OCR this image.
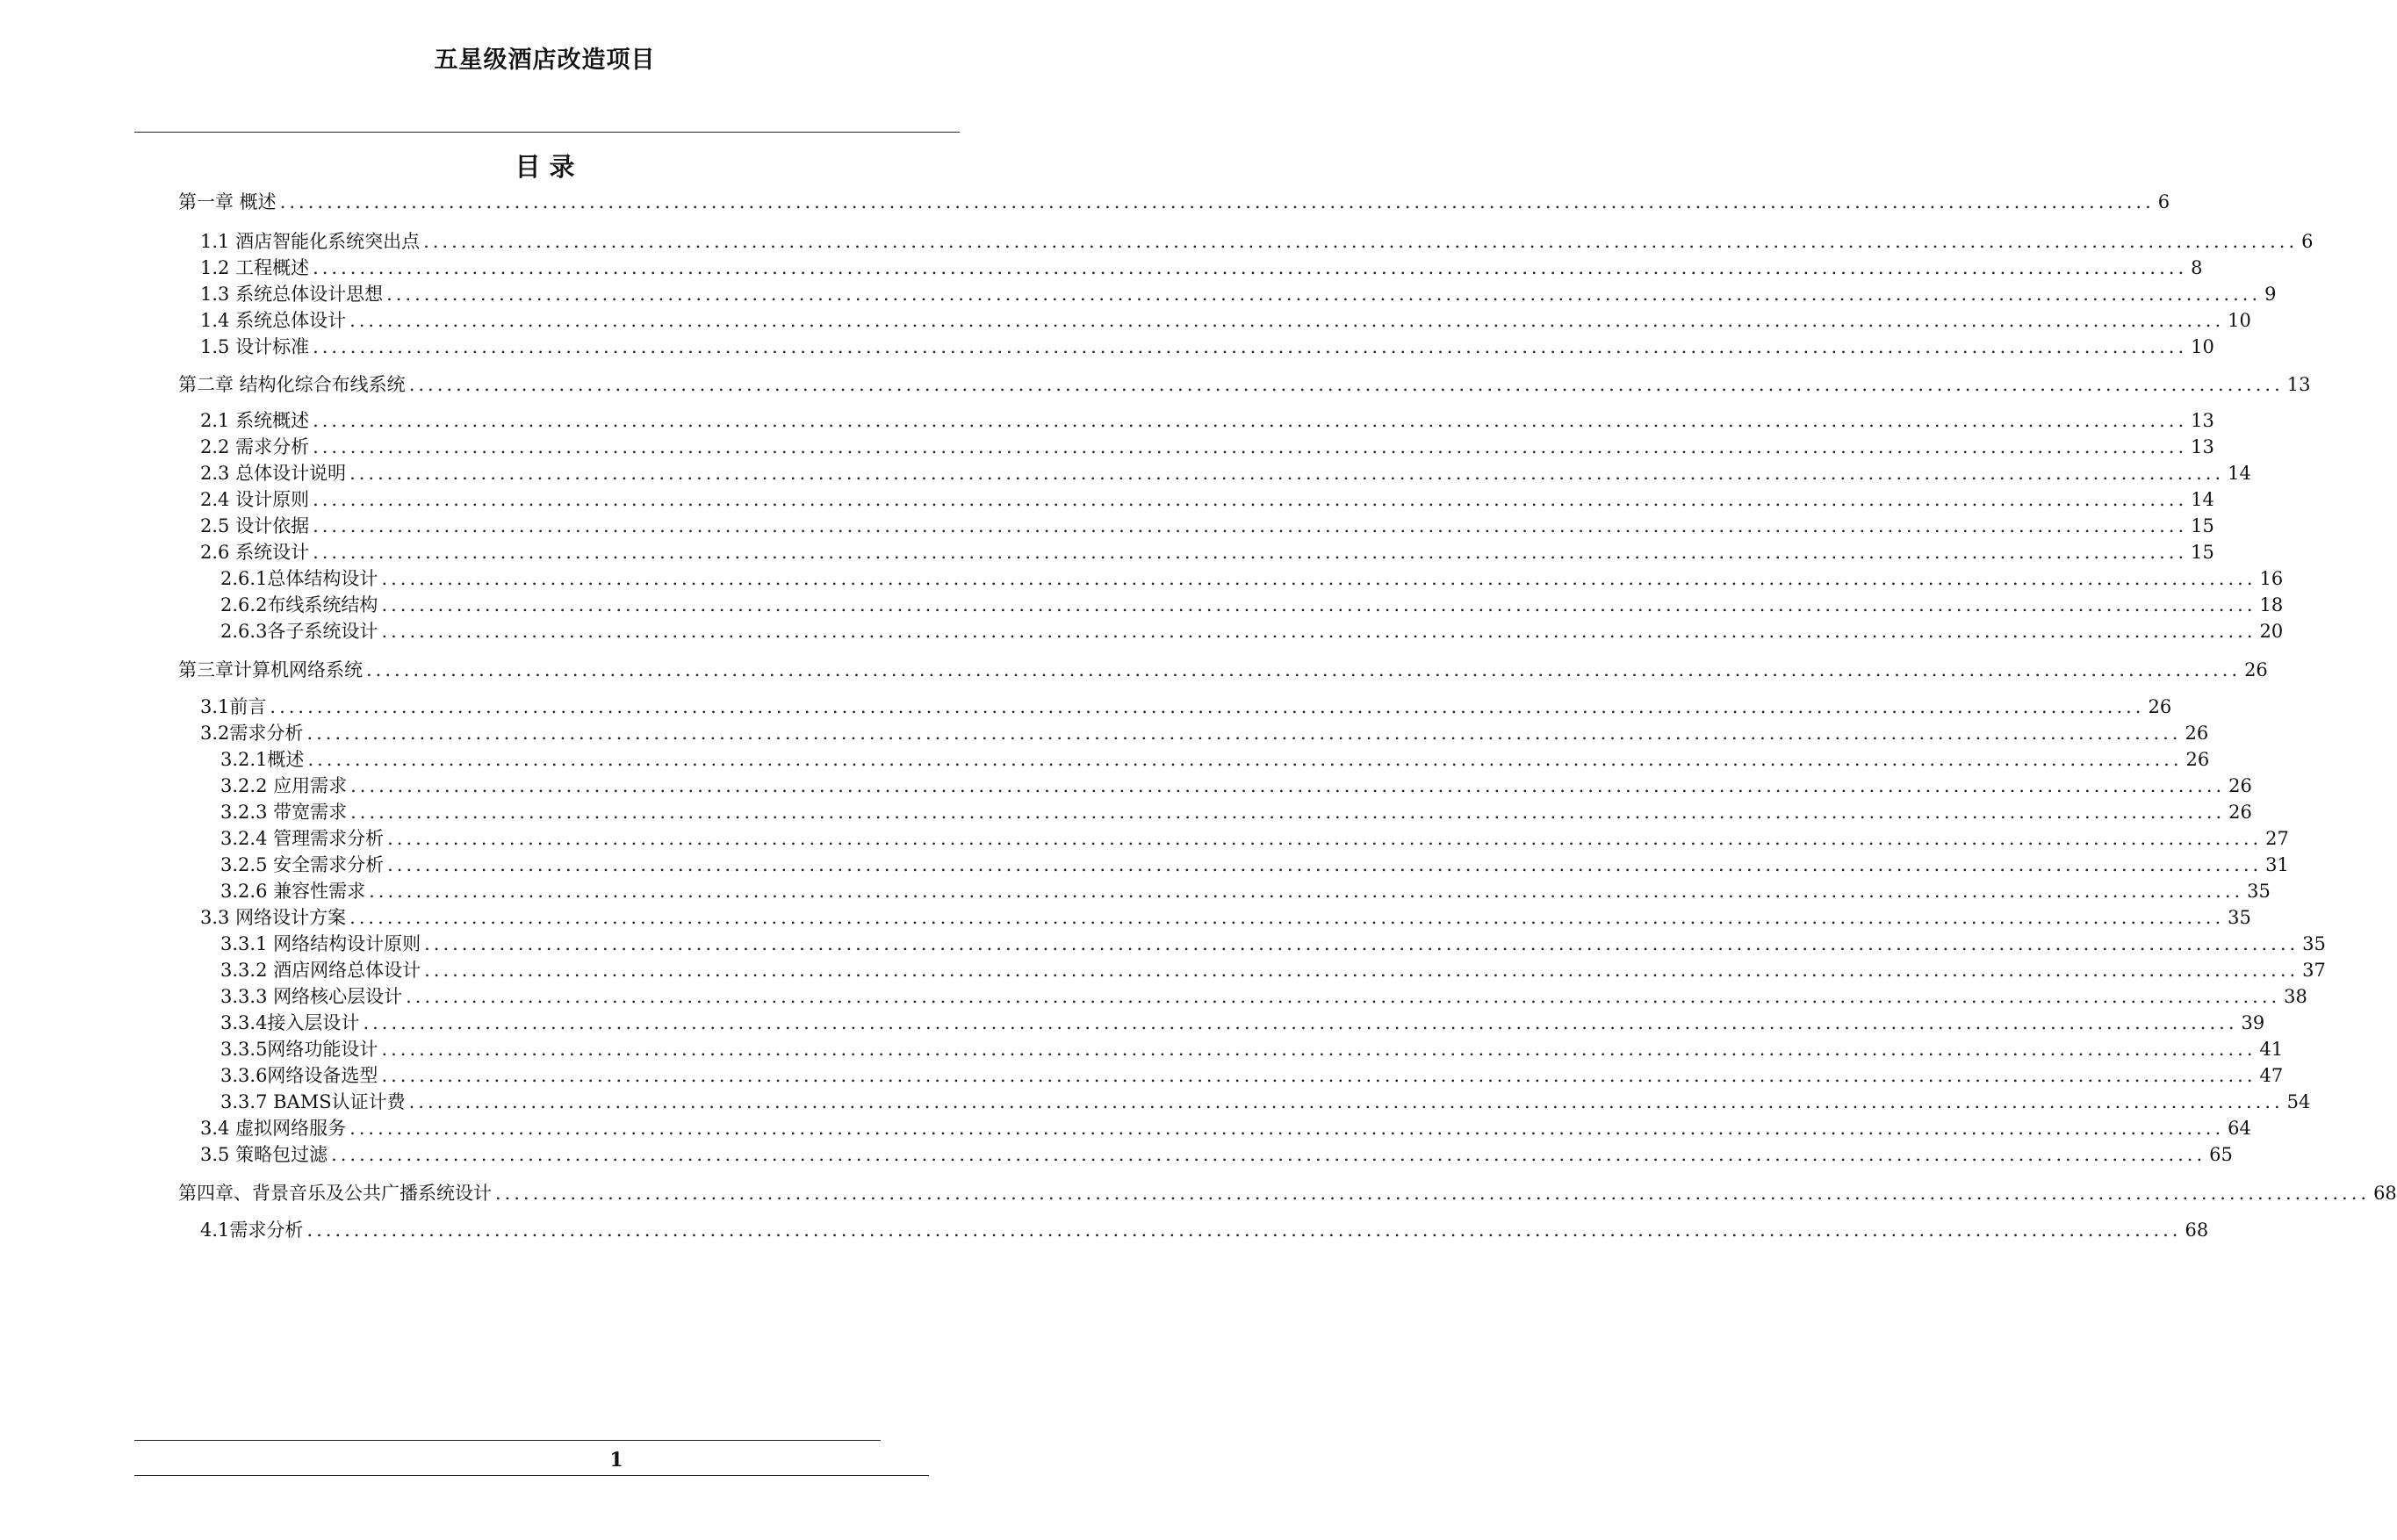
五星级酒店改造项目
目 录
第一章 概述 ........................................................................................................................................................................................................ 6
1.1 酒店智能化系统突出点 ........................................................................................................................................................................................................ 6
1.2 工程概述 ........................................................................................................................................................................................................ 8
1.3 系统总体设计思想 ........................................................................................................................................................................................................ 9
1.4 系统总体设计 ........................................................................................................................................................................................................ 10
1.5 设计标准 ........................................................................................................................................................................................................ 10
第二章 结构化综合布线系统 ........................................................................................................................................................................................................ 13
2.1 系统概述 ........................................................................................................................................................................................................ 13
2.2 需求分析 ........................................................................................................................................................................................................ 13
2.3 总体设计说明 ........................................................................................................................................................................................................ 14
2.4 设计原则 ........................................................................................................................................................................................................ 14
2.5 设计依据 ........................................................................................................................................................................................................ 15
2.6 系统设计 ........................................................................................................................................................................................................ 15
2.6.1总体结构设计 ........................................................................................................................................................................................................ 16
2.6.2布线系统结构 ........................................................................................................................................................................................................ 18
2.6.3各子系统设计 ........................................................................................................................................................................................................ 20
第三章计算机网络系统 ........................................................................................................................................................................................................ 26
3.1前言 ........................................................................................................................................................................................................ 26
3.2需求分析 ........................................................................................................................................................................................................ 26
3.2.1概述 ........................................................................................................................................................................................................ 26
3.2.2 应用需求 ........................................................................................................................................................................................................ 26
3.2.3 带宽需求 ........................................................................................................................................................................................................ 26
3.2.4 管理需求分析 ........................................................................................................................................................................................................ 27
3.2.5 安全需求分析 ........................................................................................................................................................................................................ 31
3.2.6 兼容性需求 ........................................................................................................................................................................................................ 35
3.3 网络设计方案 ........................................................................................................................................................................................................ 35
3.3.1 网络结构设计原则 ........................................................................................................................................................................................................ 35
3.3.2 酒店网络总体设计 ........................................................................................................................................................................................................ 37
3.3.3 网络核心层设计 ........................................................................................................................................................................................................ 38
3.3.4接入层设计 ........................................................................................................................................................................................................ 39
3.3.5网络功能设计 ........................................................................................................................................................................................................ 41
3.3.6网络设备选型 ........................................................................................................................................................................................................ 47
3.3.7 BAMS认证计费 ........................................................................................................................................................................................................ 54
3.4 虚拟网络服务 ........................................................................................................................................................................................................ 64
3.5 策略包过滤 ........................................................................................................................................................................................................ 65
第四章、背景音乐及公共广播系统设计 ........................................................................................................................................................................................................ 68
4.1需求分析 ........................................................................................................................................................................................................ 68
1
